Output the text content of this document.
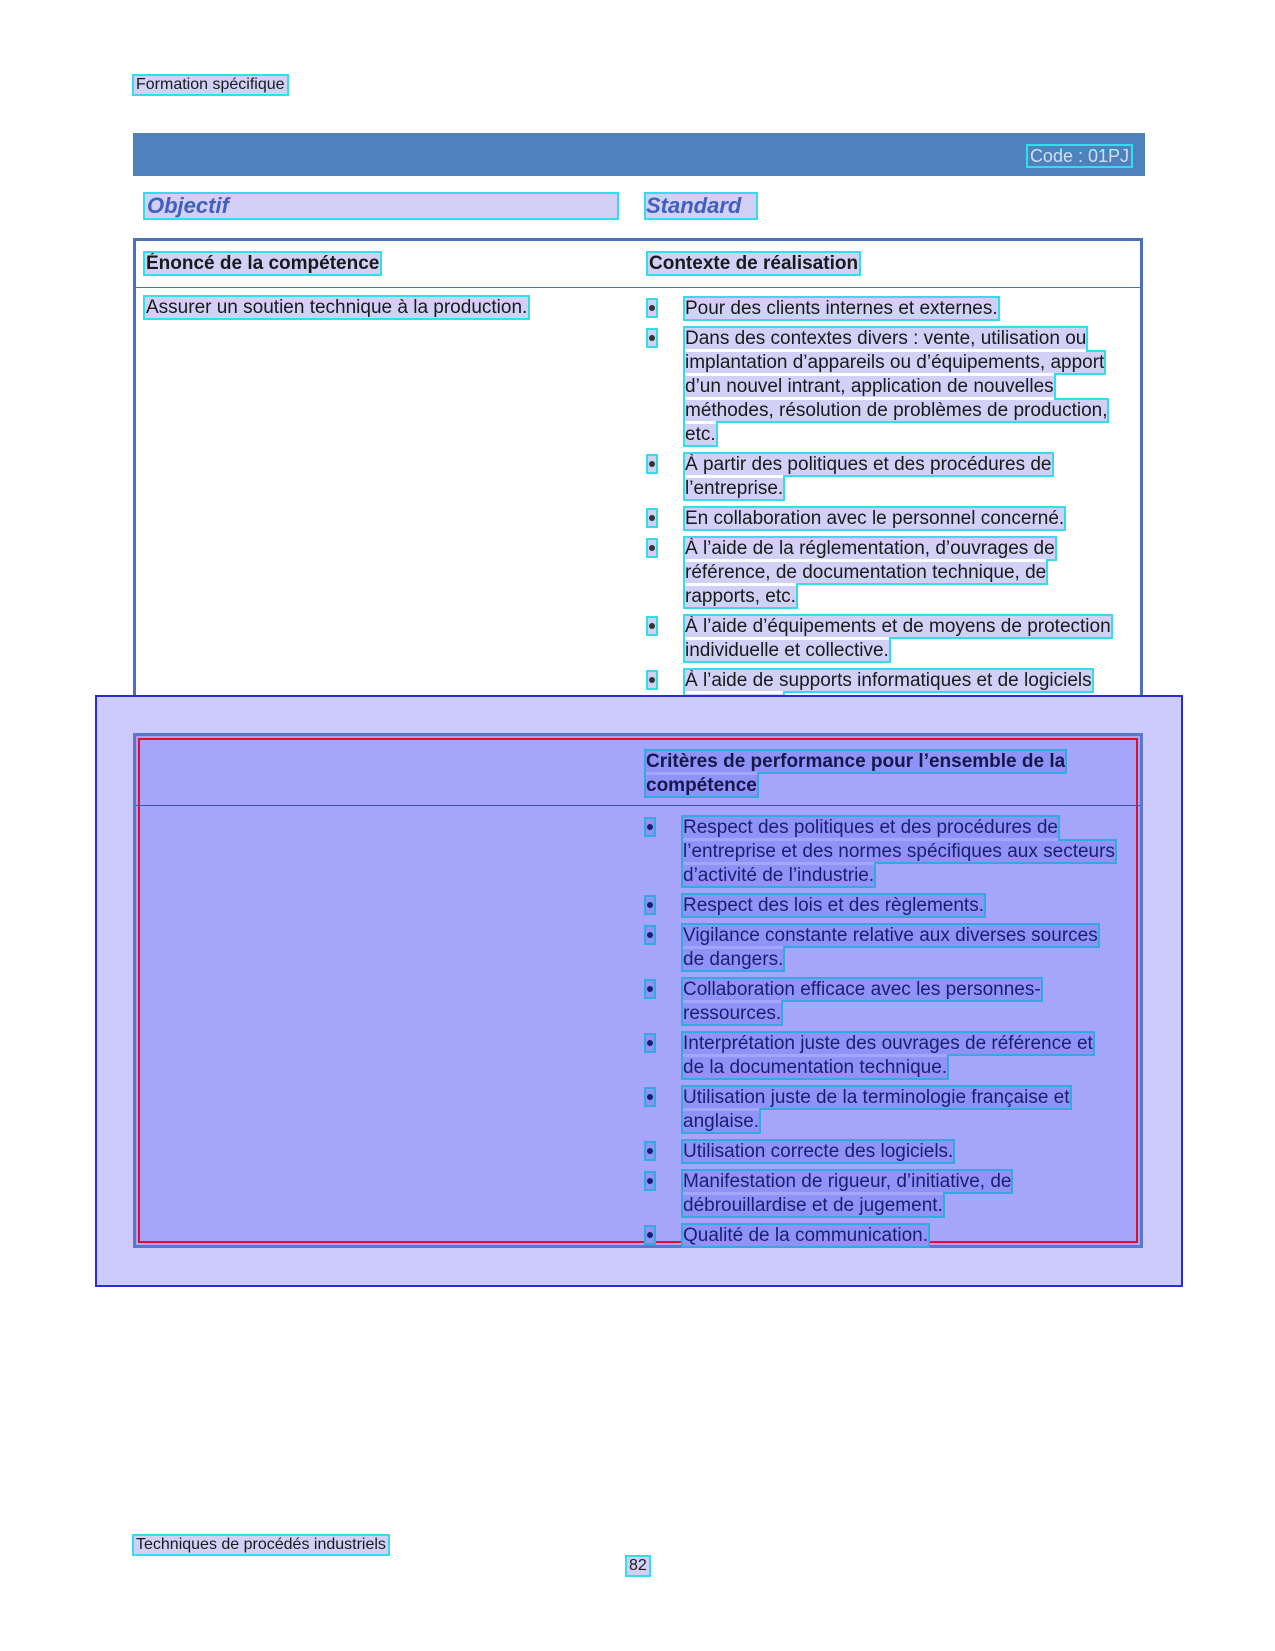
Formation spécifique
Code : 01PJ
Objectif	Standard
Énoncé de la compétence	Contexte de réalisation
Assurer un soutien technique à la production.	Pour des clients internes et externes.
Dans des contextes divers : vente, utilisation ou implantation d’appareils ou d’équipements, apport d’un nouvel intrant, application de nouvelles méthodes, résolution de problèmes de production, etc.
À partir des politiques et des procédures de l’entreprise.
En collaboration avec le personnel concerné.
À l’aide de la réglementation, d’ouvrages de référence, de documentation technique, de rapports, etc.
À l’aide d’équipements et de moyens de protection individuelle et collective.
À l’aide de supports informatiques et de logiciels
Critères de performance pour l’ensemble de la compétence
Respect des politiques et des procédures de l’entreprise et des normes spécifiques aux secteurs d’activité de l’industrie.
Respect des lois et des règlements.
Vigilance constante relative aux diverses sources de dangers.
Collaboration efficace avec les personnes-ressources.
Interprétation juste des ouvrages de référence et de la documentation technique.
Utilisation juste de la terminologie française et anglaise.
Utilisation correcte des logiciels.
Manifestation de rigueur, d’initiative, de débrouillardise et de jugement.
Qualité de la communication.
Techniques de procédés industriels
82
